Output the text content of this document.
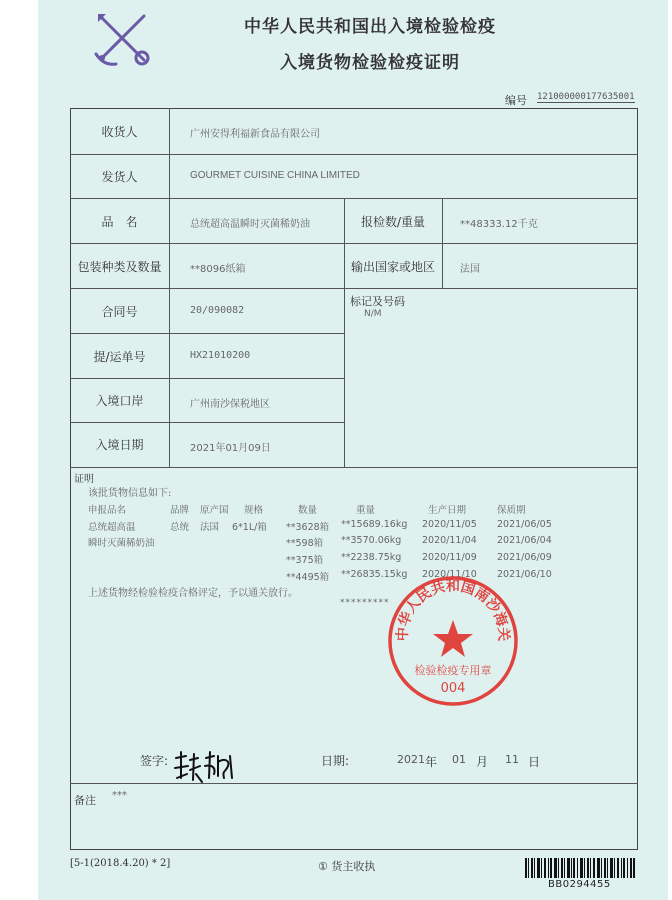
中华人民共和国出入境检验检疫
入境货物检验检疫证明
编号 121000000177635001
收货人	广州安得利福新食品有限公司
发货人	GOURMET CUISINE CHINA LIMITED
品　名	总统超高温瞬时灭菌稀奶油	报检数/重量	**48333.12千克
包装种类及数量	**8096纸箱	输出国家或地区	法国
合同号	20/090082
标记及号码
N/M
提/运单号	HX21010200
入境口岸	广州南沙保税地区
入境日期	2021年01月09日
证明
该批货物信息如下:
申报品名	品牌 原产国 规格	数量	重量	生产日期	保质期
总统超高温
瞬时灭菌稀奶油
总统 法国 6*1L/箱 **3628箱 **15689.16kg 2020/11/05 2021/06/05
**598箱 **3570.06kg 2020/11/04 2021/06/04
**375箱 **2238.75kg 2020/11/09 2021/06/09
**4495箱 **26835.15kg 2020/11/10 2021/06/10
上述货物经检验检疫合格评定，予以通关放行。
*********
中华人民共和国南沙海关
检验检疫专用章
004
签字:	日期:	2021 年 01 月 11 日
备注 ***
[5-1(2018.4.20) * 2]	① 货主收执
BB0294455
